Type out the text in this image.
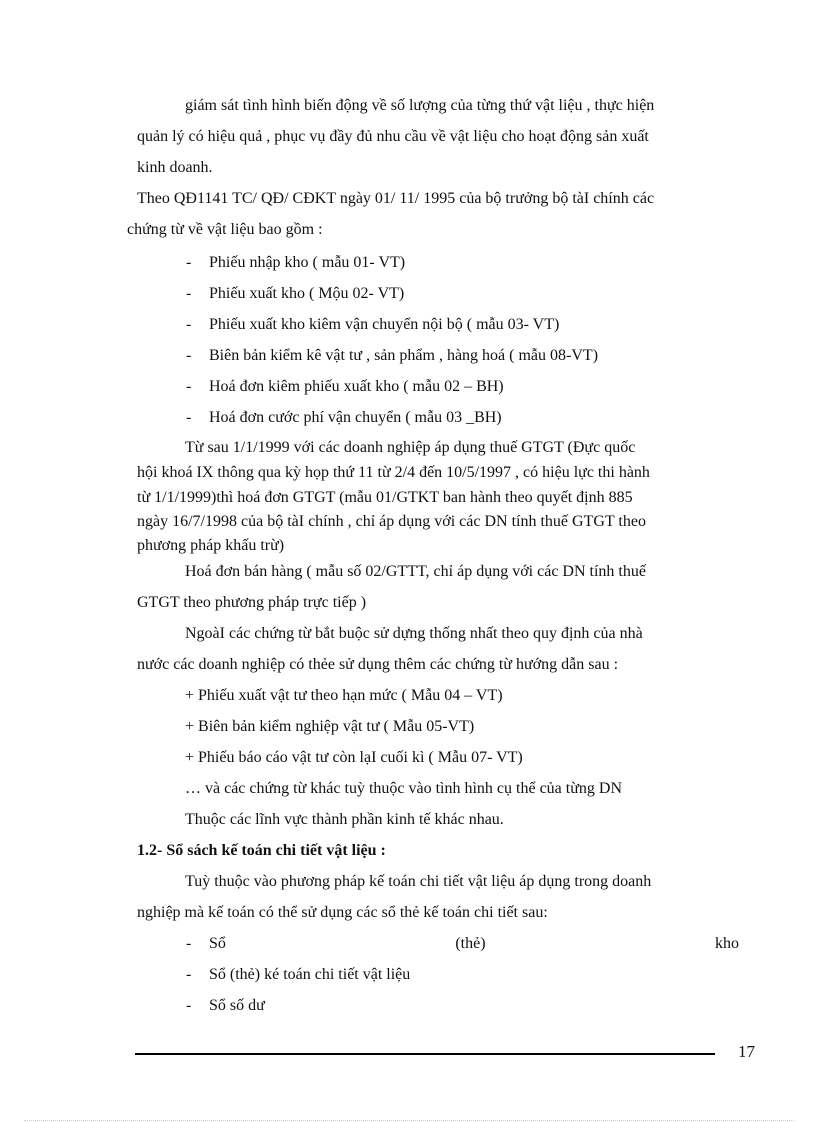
giám sát tình hình biến động về số lượng của từng thứ vật liệu , thực hiện
quản lý có hiệu quả , phục vụ đầy đủ nhu cầu về vật liệu cho hoạt động sản xuất
kinh doanh.
Theo QĐ1141 TC/ QĐ/ CĐKT ngày 01/ 11/ 1995 của bộ trưởng bộ tàI chính các
chứng từ về vật liệu bao gồm :
- Phiếu nhập kho ( mẫu 01- VT)
- Phiếu xuất kho ( Mộu 02- VT)
- Phiếu xuất kho kiêm vận chuyển nội bộ ( mẫu 03- VT)
- Biên bản kiểm kê vật tư , sản phẩm , hàng hoá ( mẫu 08-VT)
- Hoá đơn kiêm phiếu xuất kho ( mẫu 02 – BH)
- Hoá đơn cước phí vận chuyển ( mẫu 03 _BH)
Từ sau 1/1/1999 với các doanh nghiệp áp dụng thuế GTGT (Đực quốc
hội khoá IX thông qua kỳ họp thứ 11 từ 2/4 đến 10/5/1997 , có hiệu lực thi hành
từ 1/1/1999)thì hoá đơn GTGT (mẫu 01/GTKT ban hành theo quyết định 885
ngày 16/7/1998 của bộ tàI chính , chỉ áp dụng với các DN tính thuế GTGT theo
phương pháp khấu trừ)
Hoá đơn bán hàng ( mẫu số 02/GTTT, chỉ áp dụng với các DN tính thuế
GTGT theo phương pháp trực tiếp )
NgoàI các chứng từ bắt buộc sử dựng thống nhất theo quy định của nhà
nước các doanh nghiệp có thẻe sử dụng thêm các chứng từ hướng dẫn sau :
+ Phiếu xuất vật tư theo hạn mức ( Mẫu 04 – VT)
+ Biên bản kiểm nghiệp vật tư ( Mẫu 05-VT)
+ Phiếu báo cáo vật tư còn lạI cuối kì ( Mẫu 07- VT)
… và các chứng từ khác tuỳ thuộc vào tình hình cụ thể của từng DN
Thuộc các lĩnh vực thành phần kinh tế khác nhau.
1.2- Sổ sách kế toán chi tiết vật liệu :
Tuỳ thuộc vào phương pháp kế toán chi tiết vật liệu áp dụng trong doanh
nghiệp mà kế toán có thể sử dụng các sổ thẻ kế toán chi tiết sau:
- Sổ	(thẻ)	kho
- Sổ (thẻ) ké toán chi tiết vật liệu
- Sổ số dư
17
